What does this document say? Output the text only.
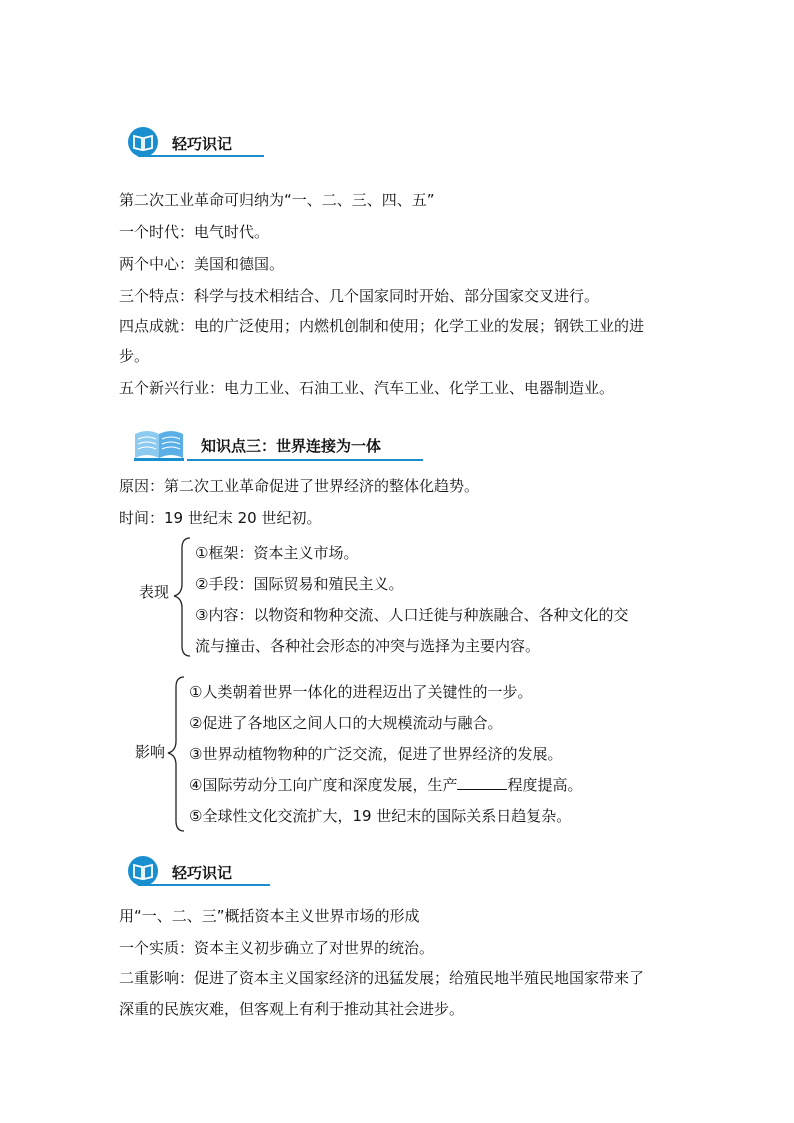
轻巧识记
第二次工业革命可归纳为“一、二、三、四、五”
一个时代：电气时代。
两个中心：美国和德国。
三个特点：科学与技术相结合、几个国家同时开始、部分国家交叉进行。
四点成就：电的广泛使用；内燃机创制和使用；化学工业的发展；钢铁工业的进
步。
五个新兴行业：电力工业、石油工业、汽车工业、化学工业、电器制造业。
知识点三：世界连接为一体
原因：第二次工业革命促进了世界经济的整体化趋势。
时间：19 世纪末 20 世纪初。
表现
①框架：资本主义市场。
②手段：国际贸易和殖民主义。
③内容：以物资和物种交流、人口迁徙与种族融合、各种文化的交
流与撞击、各种社会形态的冲突与选择为主要内容。
影响
①人类朝着世界一体化的进程迈出了关键性的一步。
②促进了各地区之间人口的大规模流动与融合。
③世界动植物物种的广泛交流，促进了世界经济的发展。
④国际劳动分工向广度和深度发展，生产	程度提高。
⑤全球性文化交流扩大，19 世纪末的国际关系日趋复杂。
轻巧识记
用“一、二、三”概括资本主义世界市场的形成
一个实质：资本主义初步确立了对世界的统治。
二重影响：促进了资本主义国家经济的迅猛发展；给殖民地半殖民地国家带来了
深重的民族灾难，但客观上有利于推动其社会进步。
